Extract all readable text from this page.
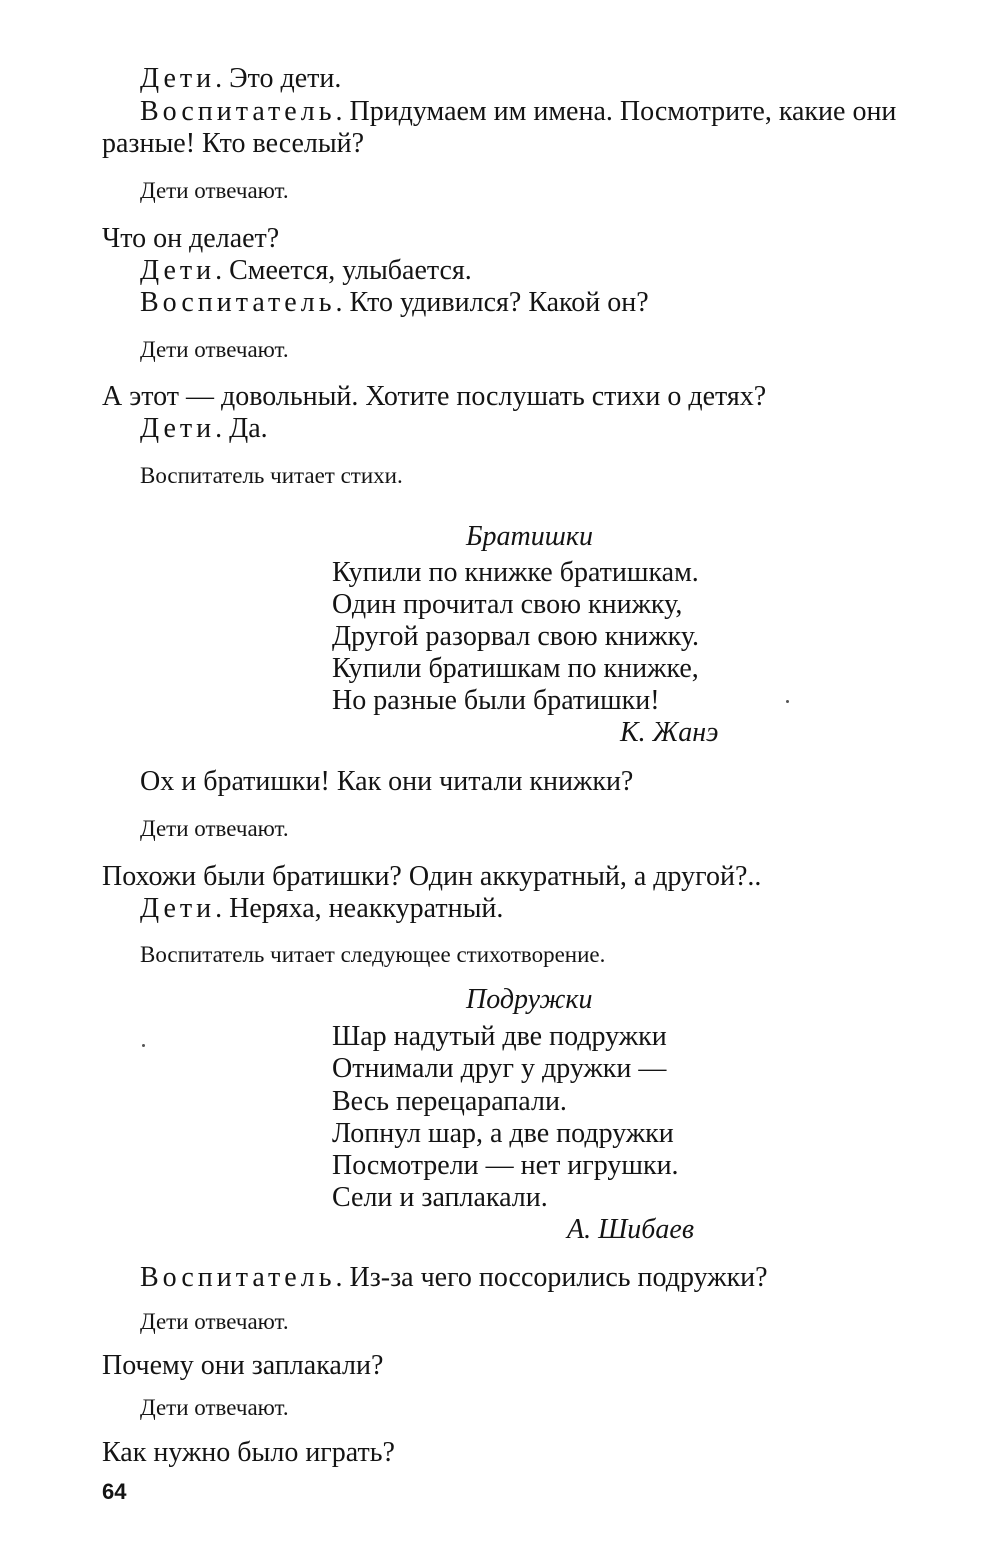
Дети. Это дети.
Воспитатель. Придумаем им имена. Посмотрите, какие они
разные! Кто веселый?
Дети отвечают.
Что он делает?
Дети. Смеется, улыбается.
Воспитатель. Кто удивился? Какой он?
Дети отвечают.
А этот — довольный. Хотите послушать стихи о детях?
Дети. Да.
Воспитатель читает стихи.
Братишки
Купили по книжке братишкам.
Один прочитал свою книжку,
Другой разорвал свою книжку.
Купили братишкам по книжке,
Но разные были братишки!
К. Жанэ
Ох и братишки! Как они читали книжки?
Дети отвечают.
Похожи были братишки? Один аккуратный, а другой?..
Дети. Неряха, неаккуратный.
Воспитатель читает следующее стихотворение.
Подружки
Шар надутый две подружки
Отнимали друг у дружки —
Весь перецарапали.
Лопнул шар, а две подружки
Посмотрели — нет игрушки.
Сели и заплакали.
А. Шибаев
Воспитатель. Из-за чего поссорились подружки?
Дети отвечают.
Почему они заплакали?
Дети отвечают.
Как нужно было играть?
64
